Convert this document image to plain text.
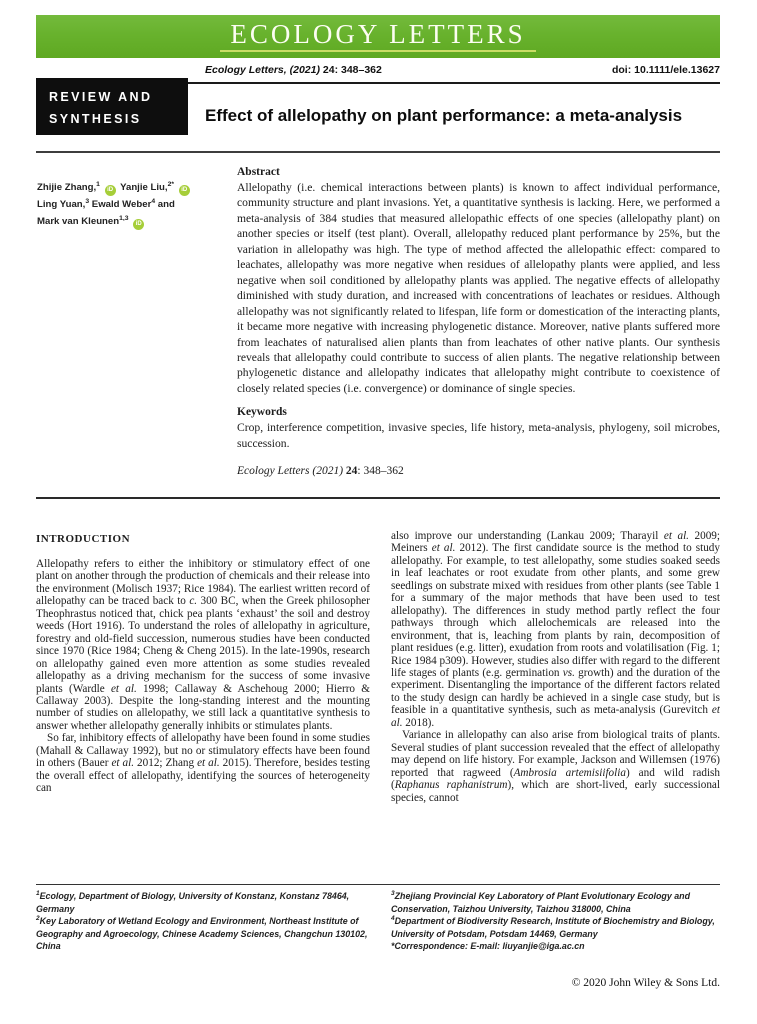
ECOLOGY LETTERS
Ecology Letters, (2021) 24: 348–362	doi: 10.1111/ele.13627
REVIEW AND
SYNTHESIS	Effect of allelopathy on plant performance: a meta-analysis
Zhijie Zhang,$^1$ iD Yanjie Liu,$^{2*}$ iD Ling Yuan,$^3$ Ewald Weber$^4$ and Mark van Kleunen$^{1,3}$ iD

Abstract

Allelopathy (i.e. chemical interactions between plants) is known to affect individual performance, community structure and plant invasions. Yet, a quantitative synthesis is lacking. Here, we performed a meta-analysis of 384 studies that measured allelopathic effects of one species (allelopathy plant) on another species or itself (test plant). Overall, allelopathy reduced plant performance by 25%, but the variation in allelopathy was high. The type of method affected the allelopathic effect: compared to leachates, allelopathy was more negative when residues of allelopathy plants were applied, and less negative when soil conditioned by allelopathy plants was applied. The negative effects of allelopathy diminished with study duration, and increased with concentrations of leachates or residues. Although allelopathy was not significantly related to lifespan, life form or domestication of the interacting plants, it became more negative with increasing phylogenetic distance. Moreover, native plants suffered more from leachates of naturalised alien plants than from leachates of other native plants. Our synthesis reveals that allelopathy could contribute to success of alien plants. The negative relationship between phylogenetic distance and allelopathy indicates that allelopathy might contribute to coexistence of closely related species (i.e. convergence) or dominance of single species.

Keywords

Crop, interference competition, invasive species, life history, meta-analysis, phylogeny, soil microbes, succession.

Ecology Letters (2021) 24: 348–362

INTRODUCTION

Allelopathy refers to either the inhibitory or stimulatory effect of one plant on another through the production of chemicals and their release into the environment (Molisch 1937; Rice 1984). The earliest written record of allelopathy can be traced back to c. 300 BC, when the Greek philosopher Theophrastus noticed that, chick pea plants ‘exhaust’ the soil and destroy weeds (Hort 1916). To understand the roles of allelopathy in agriculture, forestry and old-field succession, numerous studies have been conducted since 1970 (Rice 1984; Cheng & Cheng 2015). In the late-1990s, research on allelopathy gained even more attention as some studies revealed allelopathy as a driving mechanism for the success of some invasive plants (Wardle et al. 1998; Callaway & Aschehoug 2000; Hierro & Callaway 2003). Despite the long-standing interest and the mounting number of studies on allelopathy, we still lack a quantitative synthesis to answer whether allelopathy generally inhibits or stimulates plants.

So far, inhibitory effects of allelopathy have been found in some studies (Mahall & Callaway 1992), but no or stimulatory effects have been found in others (Bauer et al. 2012; Zhang et al. 2015). Therefore, besides testing the overall effect of allelopathy, identifying the sources of heterogeneity can

also improve our understanding (Lankau 2009; Tharayil et al. 2009; Meiners et al. 2012). The first candidate source is the method to study allelopathy. For example, to test allelopathy, some studies soaked seeds in leaf leachates or root exudate from other plants, and some grew seedlings on substrate mixed with residues from other plants (see Table 1 for a summary of the major methods that have been used to test allelopathy). The differences in study method partly reflect the four pathways through which allelochemicals are released into the environment, that is, leaching from plants by rain, decomposition of plant residues (e.g. litter), exudation from roots and volatilisation (Fig. 1; Rice 1984 p309). However, studies also differ with regard to the different life stages of plants (e.g. germination vs. growth) and the duration of the experiment. Disentangling the importance of the different factors related to the study design can hardly be achieved in a single case study, but is feasible in a quantitative synthesis, such as meta-analysis (Gurevitch et al. 2018).

Variance in allelopathy can also arise from biological traits of plants. Several studies of plant succession revealed that the effect of allelopathy may depend on life history. For example, Jackson and Willemsen (1976) reported that ragweed (Ambrosia artemisiifolia) and wild radish (Raphanus raphanistrum), which are short-lived, early successional species, cannot

$^1$Ecology, Department of Biology, University of Konstanz, Konstanz 78464, Germany

$^2$Key Laboratory of Wetland Ecology and Environment, Northeast Institute of Geography and Agroecology, Chinese Academy Sciences, Changchun 130102, China

$^3$Zhejiang Provincial Key Laboratory of Plant Evolutionary Ecology and Conservation, Taizhou University, Taizhou 318000, China

$^4$Department of Biodiversity Research, Institute of Biochemistry and Biology, University of Potsdam, Potsdam 14469, Germany

*Correspondence: E-mail: liuyanjie@iga.ac.cn

© 2020 John Wiley & Sons Ltd.
